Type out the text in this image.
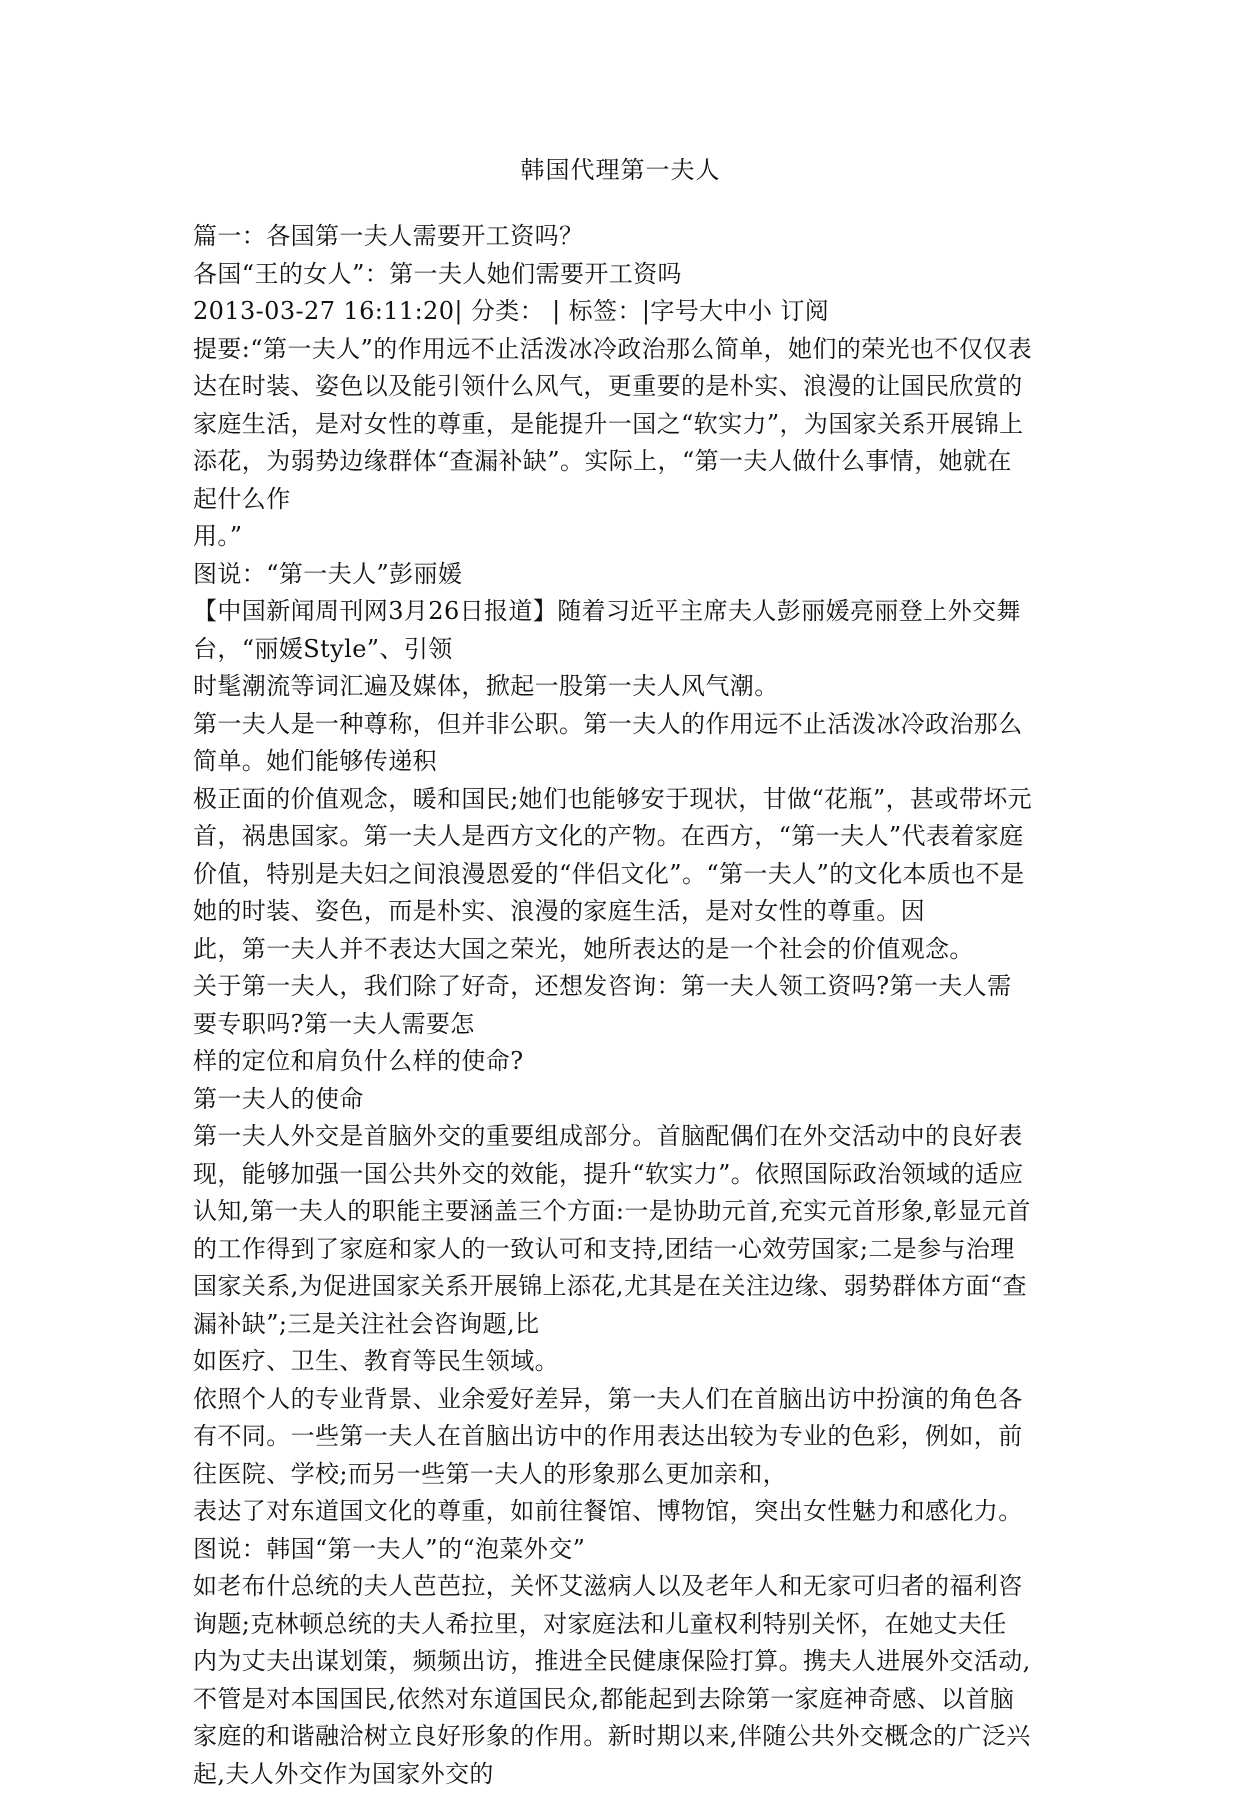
韩国代理第一夫人
篇一：各国第一夫人需要开工资吗？
各国“王的女人”：第一夫人她们需要开工资吗
2013-03-27 16:11:20| 分类： | 标签：|字号大中小 订阅
提要:“第一夫人”的作用远不止活泼冰冷政治那么简单，她们的荣光也不仅仅表
达在时装、姿色以及能引领什么风气，更重要的是朴实、浪漫的让国民欣赏的
家庭生活，是对女性的尊重，是能提升一国之“软实力”，为国家关系开展锦上
添花，为弱势边缘群体“查漏补缺”。实际上，“第一夫人做什么事情，她就在
起什么作
用。”
图说：“第一夫人”彭丽媛
【中国新闻周刊网3月26日报道】随着习近平主席夫人彭丽媛亮丽登上外交舞
台，“丽媛Style”、引领
时髦潮流等词汇遍及媒体，掀起一股第一夫人风气潮。
第一夫人是一种尊称，但并非公职。第一夫人的作用远不止活泼冰冷政治那么
简单。她们能够传递积
极正面的价值观念，暖和国民;她们也能够安于现状，甘做“花瓶”，甚或带坏元
首，祸患国家。第一夫人是西方文化的产物。在西方，“第一夫人”代表着家庭
价值，特别是夫妇之间浪漫恩爱的“伴侣文化”。“第一夫人”的文化本质也不是
她的时装、姿色，而是朴实、浪漫的家庭生活，是对女性的尊重。因
此，第一夫人并不表达大国之荣光，她所表达的是一个社会的价值观念。
关于第一夫人，我们除了好奇，还想发咨询：第一夫人领工资吗?第一夫人需
要专职吗?第一夫人需要怎
样的定位和肩负什么样的使命?
第一夫人的使命
第一夫人外交是首脑外交的重要组成部分。首脑配偶们在外交活动中的良好表
现，能够加强一国公共外交的效能，提升“软实力”。依照国际政治领域的适应
认知,第一夫人的职能主要涵盖三个方面:一是协助元首,充实元首形象,彰显元首
的工作得到了家庭和家人的一致认可和支持,团结一心效劳国家;二是参与治理
国家关系,为促进国家关系开展锦上添花,尤其是在关注边缘、弱势群体方面“查
漏补缺”;三是关注社会咨询题,比
如医疗、卫生、教育等民生领域。
依照个人的专业背景、业余爱好差异，第一夫人们在首脑出访中扮演的角色各
有不同。一些第一夫人在首脑出访中的作用表达出较为专业的色彩，例如，前
往医院、学校;而另一些第一夫人的形象那么更加亲和，
表达了对东道国文化的尊重，如前往餐馆、博物馆，突出女性魅力和感化力。
图说：韩国“第一夫人”的“泡菜外交”
如老布什总统的夫人芭芭拉，关怀艾滋病人以及老年人和无家可归者的福利咨
询题;克林顿总统的夫人希拉里，对家庭法和儿童权利特别关怀，在她丈夫任
内为丈夫出谋划策，频频出访，推进全民健康保险打算。携夫人进展外交活动,
不管是对本国国民,依然对东道国民众,都能起到去除第一家庭神奇感、以首脑
家庭的和谐融洽树立良好形象的作用。新时期以来,伴随公共外交概念的广泛兴
起,夫人外交作为国家外交的
